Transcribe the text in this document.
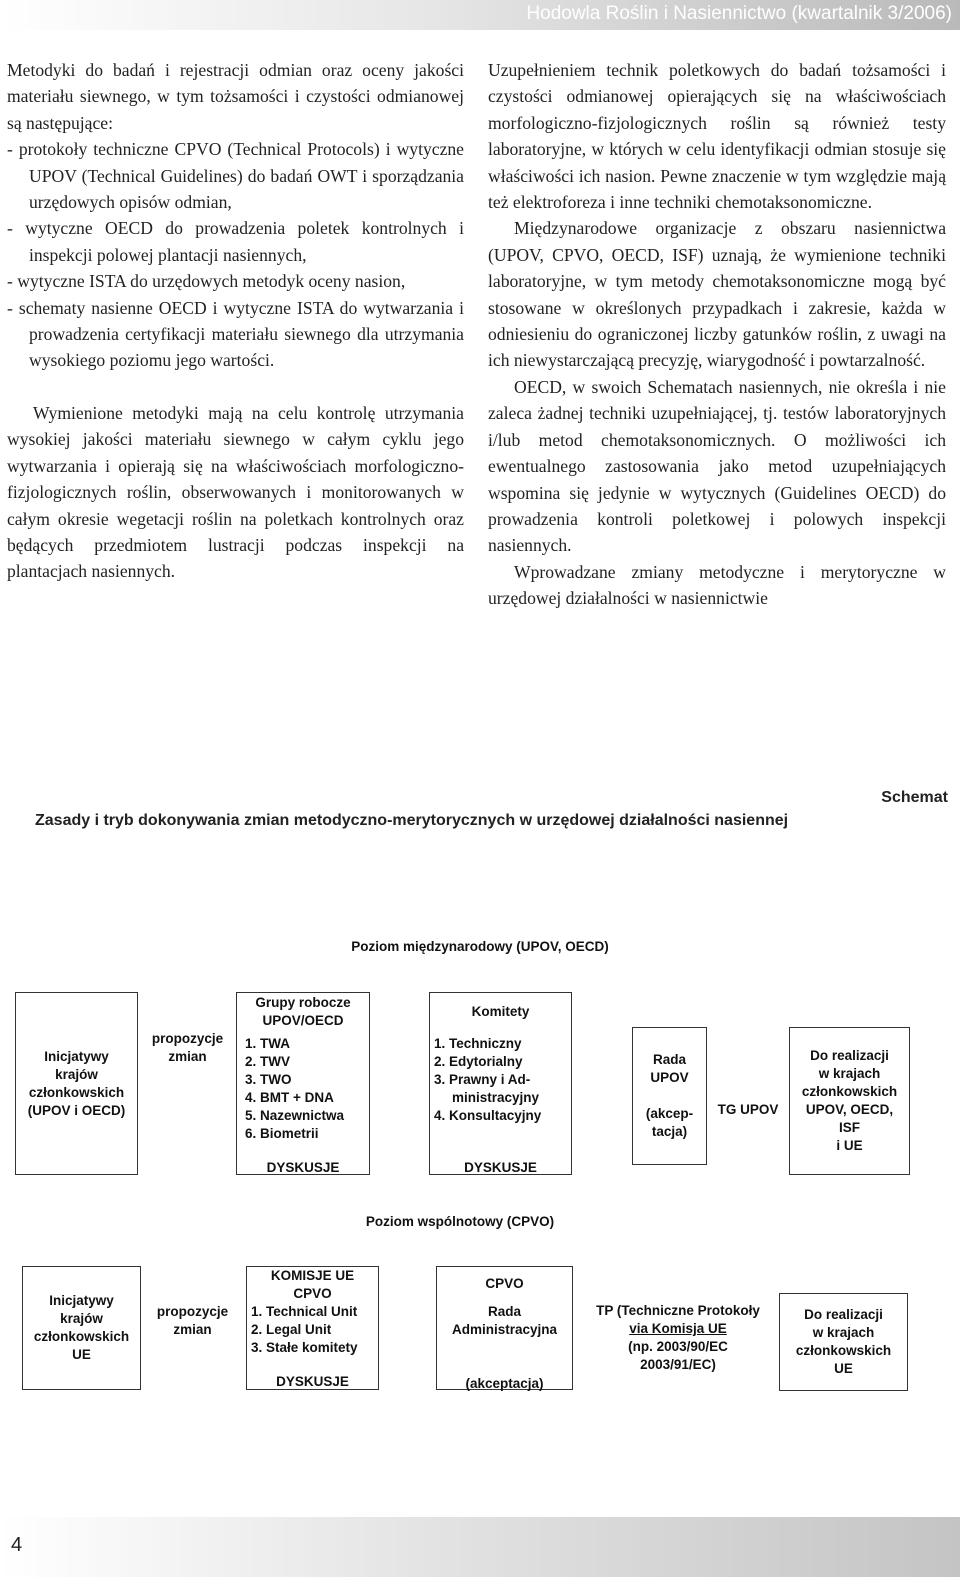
Hodowla Roślin i Nasiennictwo (kwartalnik 3/2006)

Metodyki do badań i rejestracji odmian oraz oceny jakości materiału siewnego, w tym tożsamości i czystości odmianowej są następujące:

- protokoły techniczne CPVO (Technical Protocols) i wytyczne UPOV (Technical Guidelines) do badań OWT i sporządzania urzędowych opisów odmian,
- wytyczne OECD do prowadzenia poletek kontrolnych i inspekcji polowej plantacji nasiennych,
- wytyczne ISTA do urzędowych metodyk oceny nasion,
- schematy nasienne OECD i wytyczne ISTA do wytwarzania i prowadzenia certyfikacji materiału siewnego dla utrzymania wysokiego poziomu jego wartości.

Wymienione metodyki mają na celu kontrolę utrzymania wysokiej jakości materiału siewnego w całym cyklu jego wytwarzania i opierają się na właściwościach morfologiczno-fizjologicznych roślin, obserwowanych i monitorowanych w całym okresie wegetacji roślin na poletkach kontrolnych oraz będących przedmiotem lustracji podczas inspekcji na plantacjach nasiennych.

Uzupełnieniem technik poletkowych do badań tożsamości i czystości odmianowej opierających się na właściwościach morfologiczno-fizjologicznych roślin są również testy laboratoryjne, w których w celu identyfikacji odmian stosuje się właściwości ich nasion. Pewne znaczenie w tym względzie mają też elektroforeza i inne techniki chemotaksonomiczne.

Międzynarodowe organizacje z obszaru nasiennictwa (UPOV, CPVO, OECD, ISF) uznają, że wymienione techniki laboratoryjne, w tym metody chemotaksonomiczne mogą być stosowane w określonych przypadkach i zakresie, każda w odniesieniu do ograniczonej liczby gatunków roślin, z uwagi na ich niewystarczającą precyzję, wiarygodność i powtarzalność.

OECD, w swoich Schematach nasiennych, nie określa i nie zaleca żadnej techniki uzupełniającej, tj. testów laboratoryjnych i/lub metod chemotaksonomicznych. O możliwości ich ewentualnego zastosowania jako metod uzupełniających wspomina się jedynie w wytycznych (Guidelines OECD) do prowadzenia kontroli poletkowej i polowych inspekcji nasiennych.

Wprowadzane zmiany metodyczne i merytoryczne w urzędowej działalności w nasiennictwie

Schemat
Zasady i tryb dokonywania zmian metodyczno-merytorycznych w urzędowej działalności nasiennej
Poziom międzynarodowy (UPOV, OECD)
Inicjatywy
krajów
członkowskich
(UPOV i OECD)
propozycje
zmian
Grupy robocze
UPOV/OECD
1. TWA
2. TWV
3. TWO
4. BMT + DNA
5. Nazewnictwa
6. Biometrii
DYSKUSJE
Komitety
1. Techniczny
2. Edytorialny
3. Prawny i Ad-
ministracyjny
4. Konsultacyjny
DYSKUSJE
Rada
UPOV
(akcep-
tacja)
TG UPOV
Do realizacji
w krajach
członkowskich
UPOV, OECD,
ISF
i UE
Poziom wspólnotowy (CPVO)
Inicjatywy
krajów
członkowskich
UE
propozycje
zmian
KOMISJE UE
CPVO
1. Technical Unit
2. Legal Unit
3. Stałe komitety
DYSKUSJE
CPVO
Rada
Administracyjna
(akceptacja)
TP (Techniczne Protokoły
via Komisja UE
(np. 2003/90/EC
2003/91/EC)
Do realizacji
w krajach
członkowskich
UE
4
